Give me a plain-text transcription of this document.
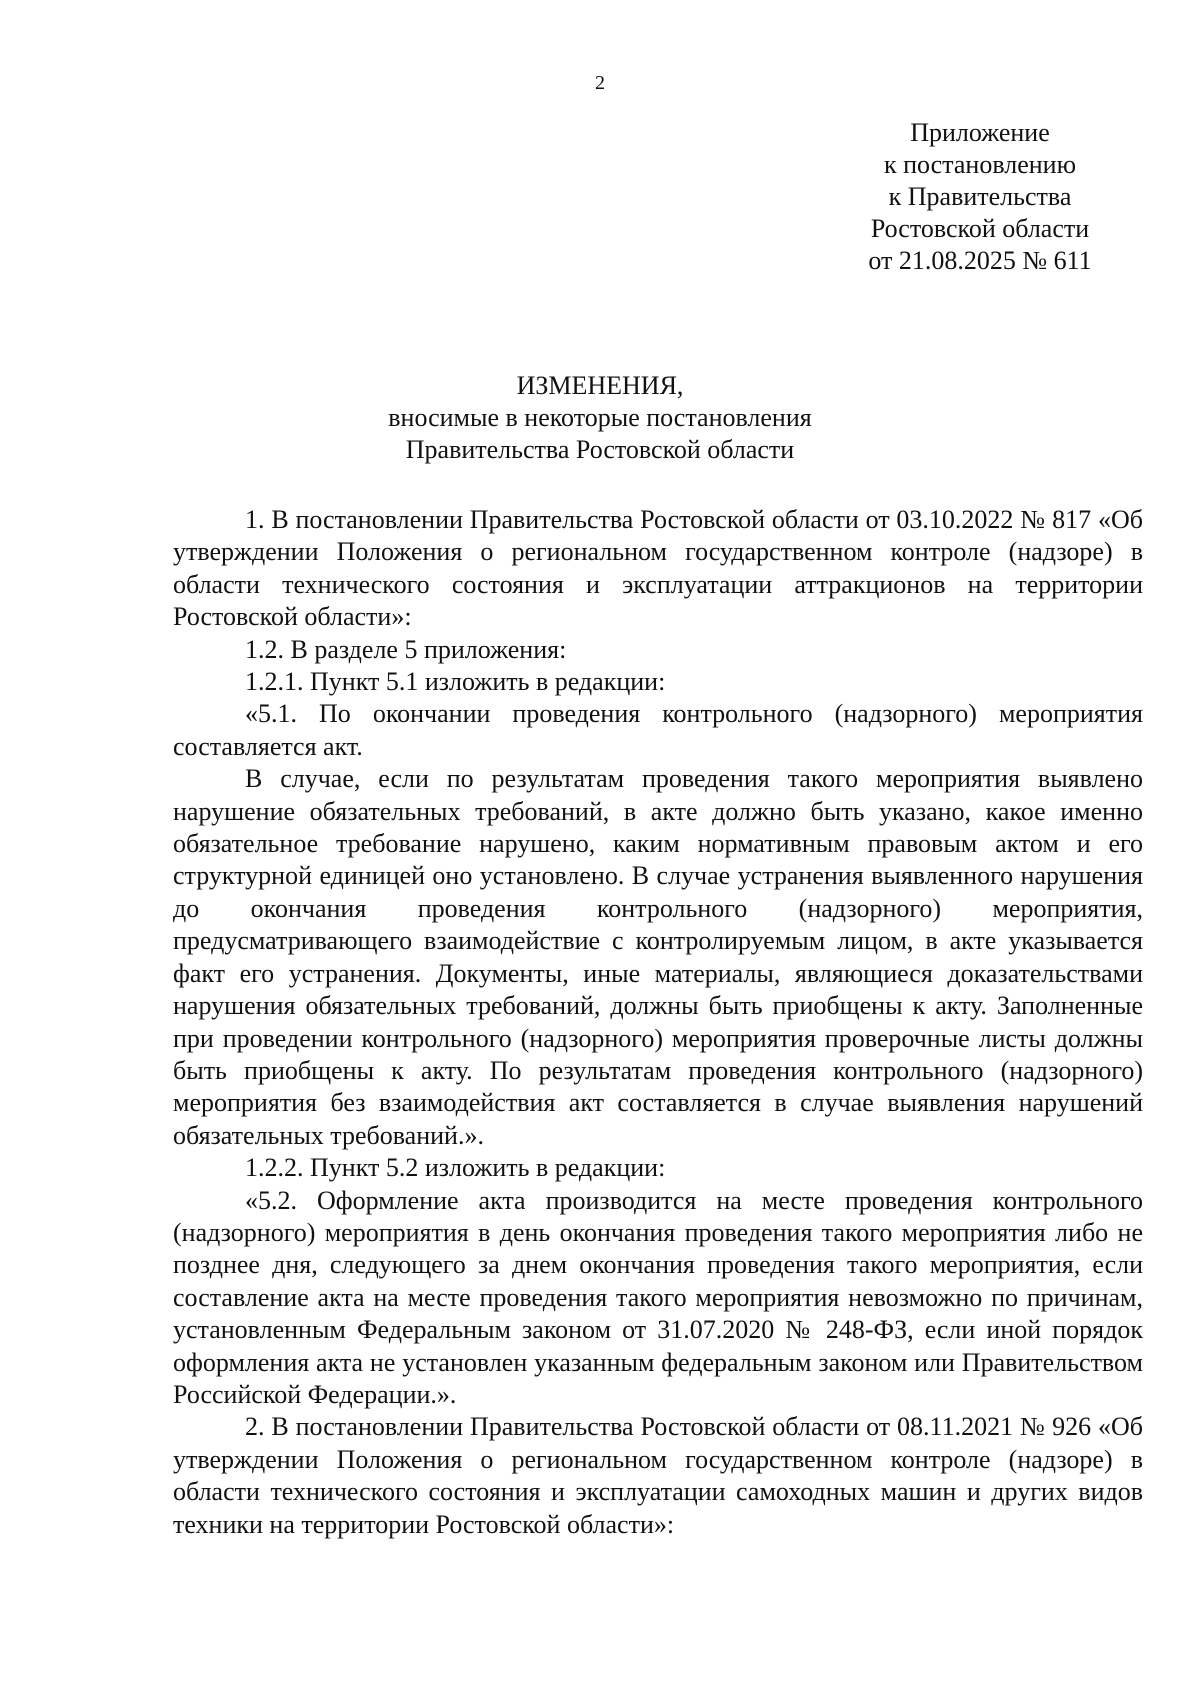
2
Приложение
к постановлению
к Правительства
Ростовской области
от 21.08.2025 № 611
ИЗМЕНЕНИЯ,
вносимые в некоторые постановления
Правительства Ростовской области

1. В постановлении Правительства Ростовской области от 03.10.2022 № 817 «Об утверждении Положения о региональном государственном контроле (надзоре) в области технического состояния и эксплуатации аттракционов на территории Ростовской области»:

1.2. В разделе 5 приложения:

1.2.1. Пункт 5.1 изложить в редакции:

«5.1. По окончании проведения контрольного (надзорного) мероприятия составляется акт.

В случае, если по результатам проведения такого мероприятия выявлено нарушение обязательных требований, в акте должно быть указано, какое именно обязательное требование нарушено, каким нормативным правовым актом и его структурной единицей оно установлено. В случае устранения выявленного нарушения до окончания проведения контрольного (надзорного) мероприятия, предусматривающего взаимодействие с контролируемым лицом, в акте указывается факт его устранения. Документы, иные материалы, являющиеся доказательствами нарушения обязательных требований, должны быть приобщены к акту. Заполненные при проведении контрольного (надзорного) мероприятия проверочные листы должны быть приобщены к акту. По результатам проведения контрольного (надзорного) мероприятия без взаимодействия акт составляется в случае выявления нарушений обязательных требований.».

1.2.2. Пункт 5.2 изложить в редакции:

«5.2. Оформление акта производится на месте проведения контрольного (надзорного) мероприятия в день окончания проведения такого мероприятия либо не позднее дня, следующего за днем окончания проведения такого мероприятия, если составление акта на месте проведения такого мероприятия невозможно по причинам, установленным Федеральным законом от 31.07.2020 № 248-ФЗ, если иной порядок оформления акта не установлен указанным федеральным законом или Правительством Российской Федерации.».

2. В постановлении Правительства Ростовской области от 08.11.2021 № 926 «Об утверждении Положения о региональном государственном контроле (надзоре) в области технического состояния и эксплуатации самоходных машин и других видов техники на территории Ростовской области»:
